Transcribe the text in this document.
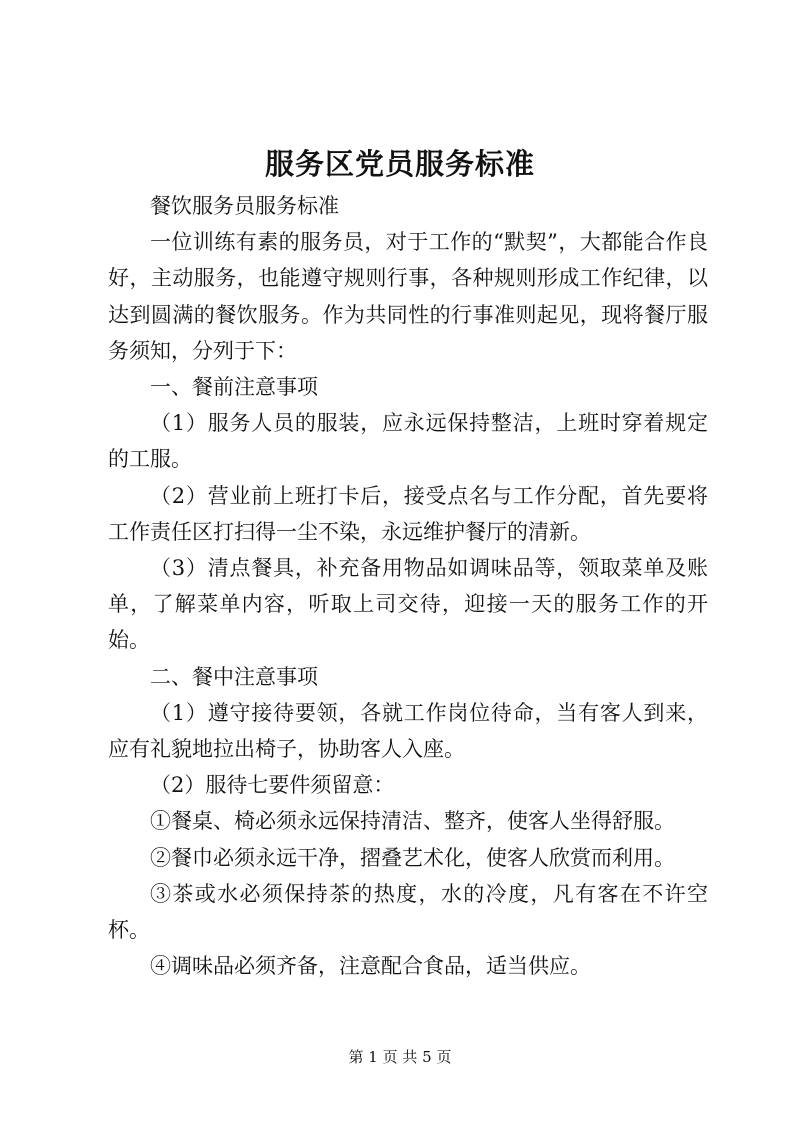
服务区党员服务标准

餐饮服务员服务标准

一位训练有素的服务员，对于工作的“默契”，大都能合作良好，主动服务，也能遵守规则行事，各种规则形成工作纪律，以达到圆满的餐饮服务。作为共同性的行事准则起见，现将餐厅服务须知，分列于下：

一、餐前注意事项

（1）服务人员的服装，应永远保持整洁，上班时穿着规定的工服。

（2）营业前上班打卡后，接受点名与工作分配，首先要将工作责任区打扫得一尘不染，永远维护餐厅的清新。

（3）清点餐具，补充备用物品如调味品等，领取菜单及账单，了解菜单内容，听取上司交待，迎接一天的服务工作的开始。

二、餐中注意事项

（1）遵守接待要领，各就工作岗位待命，当有客人到来，应有礼貌地拉出椅子，协助客人入座。

（2）服待七要件须留意：

①餐桌、椅必须永远保持清洁、整齐，使客人坐得舒服。

②餐巾必须永远干净，摺叠艺术化，使客人欣赏而利用。

③茶或水必须保持茶的热度，水的冷度，凡有客在不许空杯。

④调味品必须齐备，注意配合食品，适当供应。

第 1 页 共 5 页
